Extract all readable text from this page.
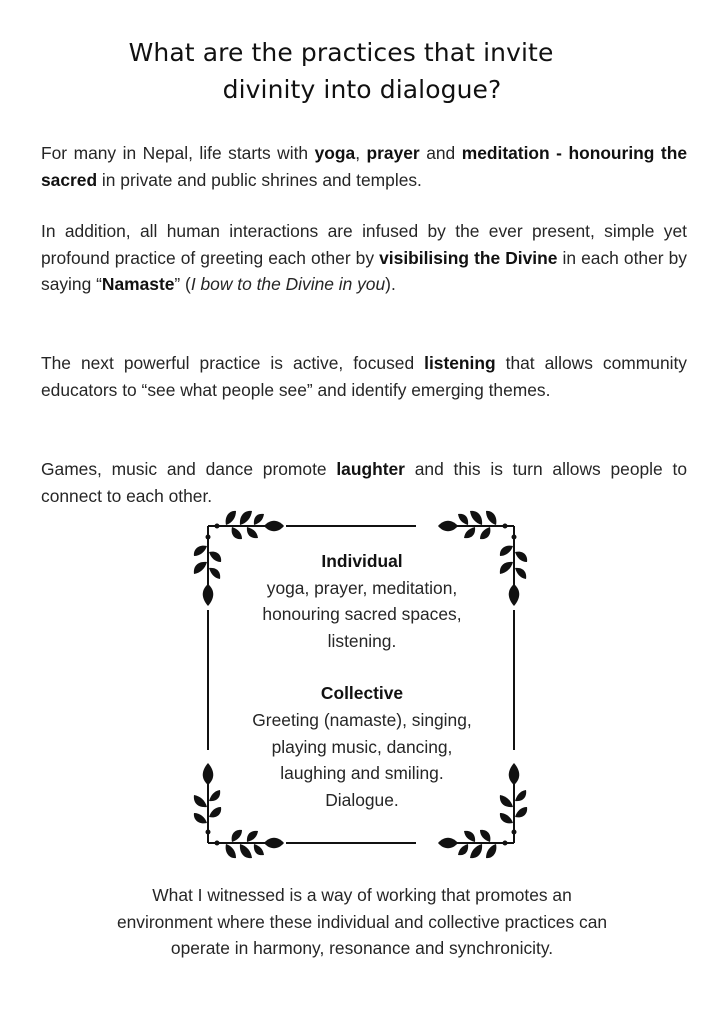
What are the practices that invite
divinity into dialogue?

For many in Nepal, life starts with yoga, prayer and meditation - honouring the sacred in private and public shrines and temples.

In addition, all human interactions are infused by the ever present, simple yet profound practice of greeting each other by visibilising the Divine in each other by saying “Namaste” (I bow to the Divine in you).

The next powerful practice is active, focused listening that allows community educators to “see what people see” and identify emerging themes.

Games, music and dance promote laughter and this is turn allows people to connect to each other.

Individual
yoga, prayer, meditation,
honouring sacred spaces,
listening.
Collective
Greeting (namaste), singing,
playing music, dancing,
laughing and smiling.
Dialogue.
What I witnessed is a way of working that promotes an
environment where these individual and collective practices can
operate in harmony, resonance and synchronicity.
